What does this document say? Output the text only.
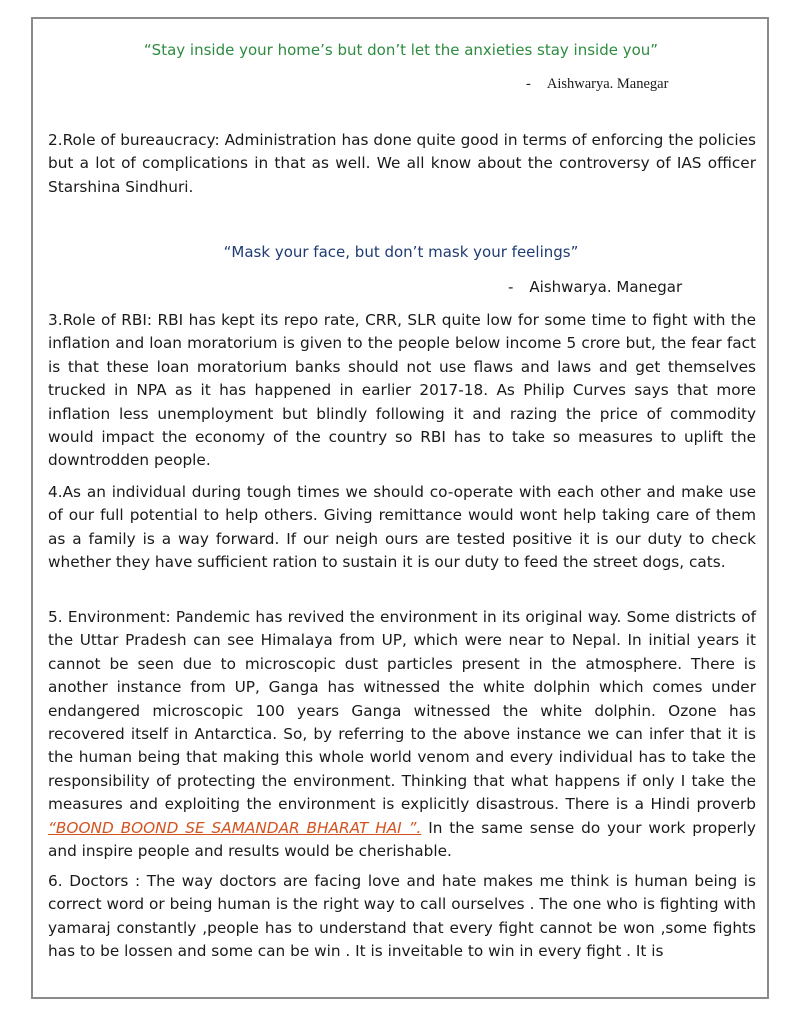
“Stay inside your home’s but don’t let the anxieties stay inside you”
- Aishwarya. Manegar

2.Role of bureaucracy: Administration has done quite good in terms of enforcing the policies but a lot of complications in that as well. We all know about the controversy of IAS officer Starshina Sindhuri.

“Mask your face, but don’t mask your feelings”
- Aishwarya. Manegar

3.Role of RBI: RBI has kept its repo rate, CRR, SLR quite low for some time to fight with the inflation and loan moratorium is given to the people below income 5 crore but, the fear fact is that these loan moratorium banks should not use flaws and laws and get themselves trucked in NPA as it has happened in earlier 2017-18. As Philip Curves says that more inflation less unemployment but blindly following it and razing the price of commodity would impact the economy of the country so RBI has to take so measures to uplift the downtrodden people.

4.As an individual during tough times we should co-operate with each other and make use of our full potential to help others. Giving remittance would wont help taking care of them as a family is a way forward. If our neigh ours are tested positive it is our duty to check whether they have sufficient ration to sustain it is our duty to feed the street dogs, cats.

5. Environment: Pandemic has revived the environment in its original way. Some districts of the Uttar Pradesh can see Himalaya from UP, which were near to Nepal. In initial years it cannot be seen due to microscopic dust particles present in the atmosphere. There is another instance from UP, Ganga has witnessed the white dolphin which comes under endangered microscopic 100 years Ganga witnessed the white dolphin. Ozone has recovered itself in Antarctica. So, by referring to the above instance we can infer that it is the human being that making this whole world venom and every individual has to take the responsibility of protecting the environment. Thinking that what happens if only I take the measures and exploiting the environment is explicitly disastrous. There is a Hindi proverb “BOOND BOOND SE SAMANDAR BHARAT HAI ”. In the same sense do your work properly and inspire people and results would be cherishable.

6. Doctors : The way doctors are facing love and hate makes me think is human being is correct word or being human is the right way to call ourselves . The one who is fighting with yamaraj constantly ,people has to understand that every fight cannot be won ,some fights has to be lossen and some can be win . It is inveitable to win in every fight . It is
